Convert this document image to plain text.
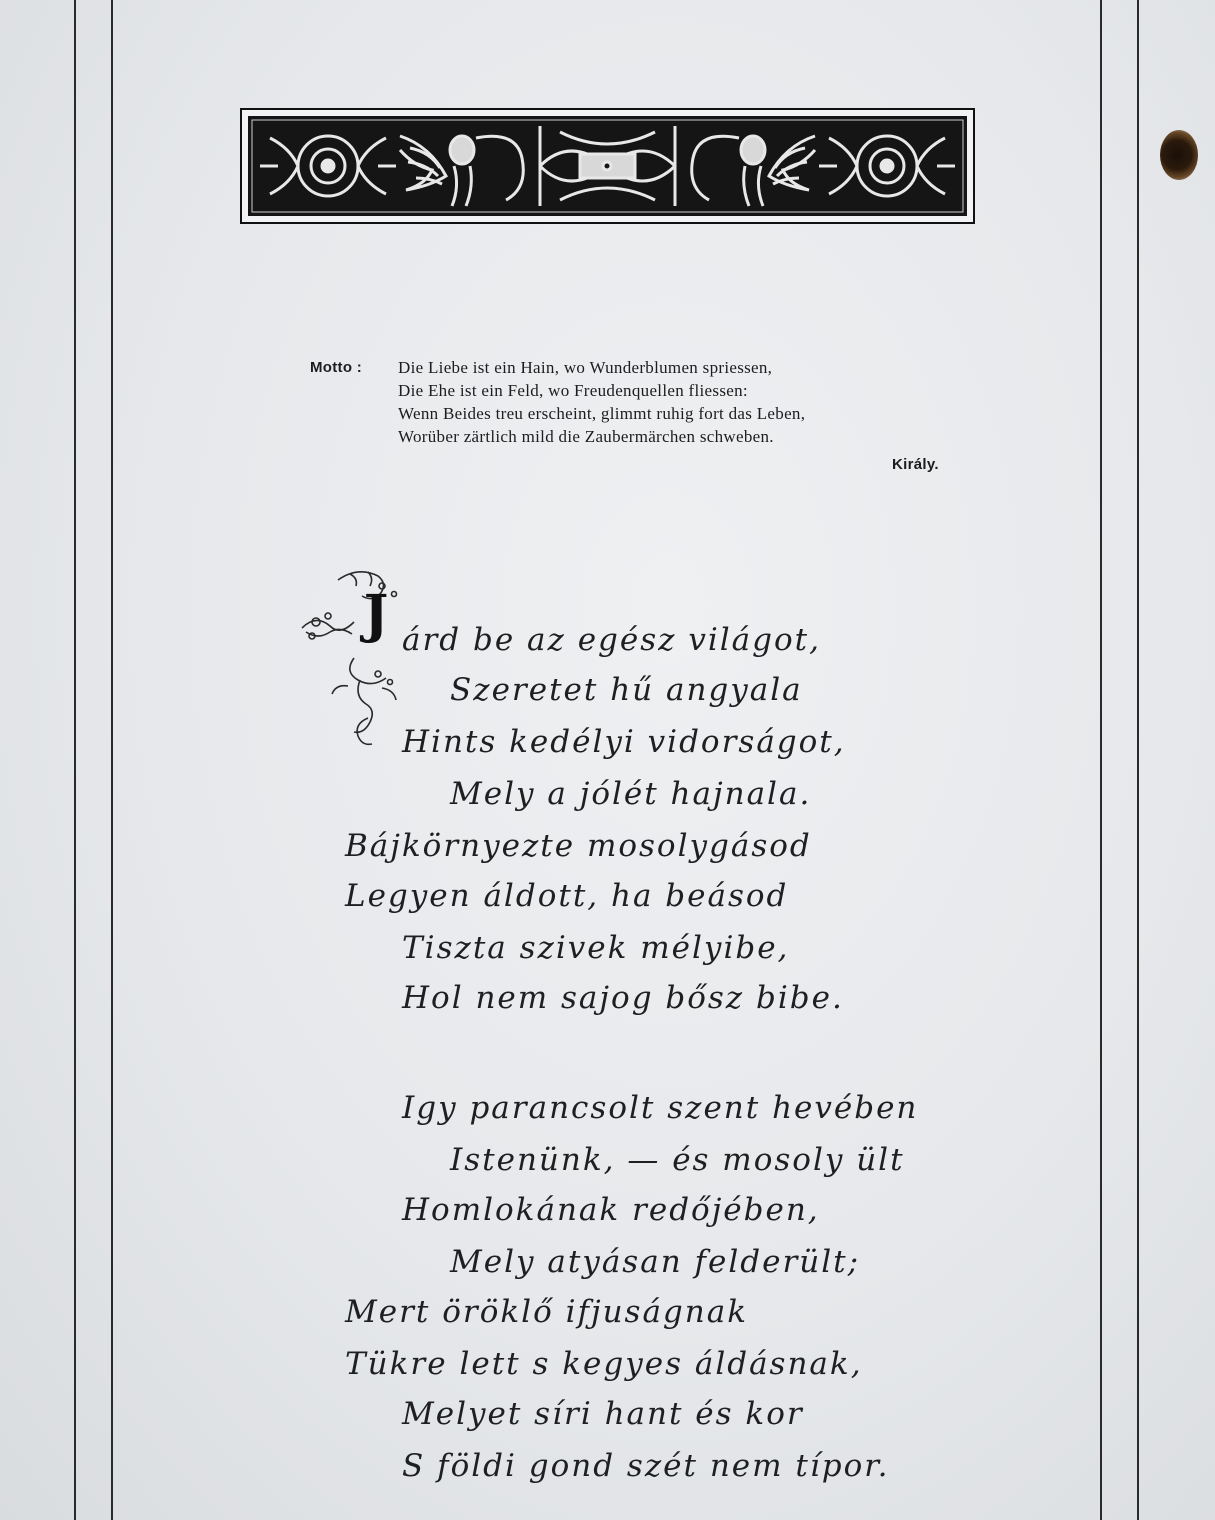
Motto : Die Liebe ist ein Hain, wo Wunderblumen spriessen,
Die Ehe ist ein Feld, wo Freudenquellen fliessen:
Wenn Beides treu erscheint, glimmt ruhig fort das Leben,
Worüber zärtlich mild die Zaubermärchen schweben.
Király.
J árd be az egész világot,
Szeretet hű angyala
Hints kedélyi vidorságot,
Mely a jólét hajnala.
Bájkörnyezte mosolygásod
Legyen áldott, ha beásod
Tiszta szivek mélyibe,
Hol nem sajog bősz bibe.
Igy parancsolt szent hevében
Istenünk, — és mosoly ült
Homlokának redőjében,
Mely atyásan felderült;
Mert öröklő ifjuságnak
Tükre lett s kegyes áldásnak,
Melyet síri hant és kor
S földi gond szét nem típor.
